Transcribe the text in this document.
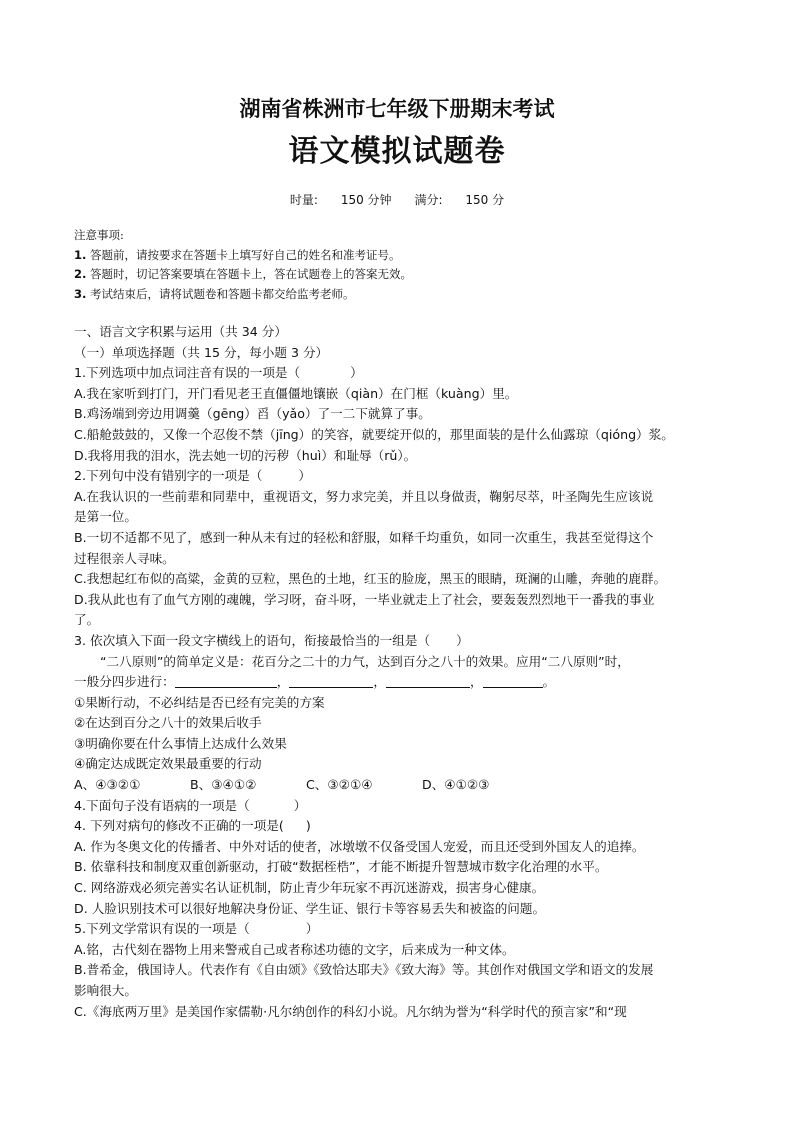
湖南省株洲市七年级下册期末考试
语文模拟试题卷
时量: 150 分钟 满分: 150 分
注意事项:
1. 答题前，请按要求在答题卡上填写好自己的姓名和准考证号。
2. 答题时，切记答案要填在答题卡上，答在试题卷上的答案无效。
3. 考试结束后，请将试题卷和答题卡都交给监考老师。
一、语言文字积累与运用（共 34 分）
（一）单项选择题（共 15 分，每小题 3 分）
1.下列选项中加点词注音有误的一项是（	）
A.我在家听到打门，开门看见老王直僵僵地镶嵌（qiàn）在门框（kuàng）里。
B.鸡汤端到旁边用调羹（gēng）舀（yǎo）了一二下就算了事。
C.船舱鼓鼓的，又像一个忍俊不禁（jīng）的笑容，就要绽开似的，那里面装的是什么仙露琼（qióng）浆。
D.我将用我的泪水，洗去她一切的污秽（huì）和耻辱（rǔ）。
2.下列句中没有错别字的一项是（	）
A.在我认识的一些前辈和同辈中，重视语文，努力求完美，并且以身做责，鞠躬尽萃，叶圣陶先生应该说
是第一位。
B.一切不适都不见了，感到一种从未有过的轻松和舒服，如释千均重负，如同一次重生，我甚至觉得这个
过程很亲人寻味。
C.我想起红布似的高粱，金黄的豆粒，黑色的土地，红玉的脸庞，黑玉的眼睛，斑澜的山雕，奔驰的鹿群。
D.我从此也有了血气方刚的魂魄，学习呀，奋斗呀，一毕业就走上了社会，要轰轰烈烈地干一番我的事业
了。
3. 依次填入下面一段文字横线上的语句，衔接最恰当的一组是（ ）
“二八原则”的简单定义是：花百分之二十的力气，达到百分之八十的效果。应用“二八原则”时，
一般分四步进行：	，	，	，	。
①果断行动，不必纠结是否已经有完美的方案
②在达到百分之八十的效果后收手
③明确你要在什么事情上达成什么效果
④确定达成既定效果最重要的行动
A、④③②①	B、③④①②	C、③②①④	D、④①②③
4.下面句子没有语病的一项是（	）
4. 下列对病句的修改不正确的一项是( )
A. 作为冬奥文化的传播者、中外对话的使者，冰墩墩不仅备受国人宠爱，而且还受到外国友人的追捧。
B. 依靠科技和制度双重创新驱动，打破“数据桎梏”，才能不断提升智慧城市数字化治理的水平。
C. 网络游戏必须完善实名认证机制，防止青少年玩家不再沉迷游戏，损害身心健康。
D. 人脸识别技术可以很好地解决身份证、学生证、银行卡等容易丢失和被盗的问题。
5.下列文学常识有误的一项是（	）
A.铭，古代刻在器物上用来警戒自己或者称述功德的文字，后来成为一种文体。
B.普希金，俄国诗人。代表作有《自由颂》《致恰达耶夫》《致大海》等。其创作对俄国文学和语文的发展
影响很大。
C.《海底两万里》是美国作家儒勒·凡尔纳创作的科幻小说。凡尔纳为誉为“科学时代的预言家”和“现
